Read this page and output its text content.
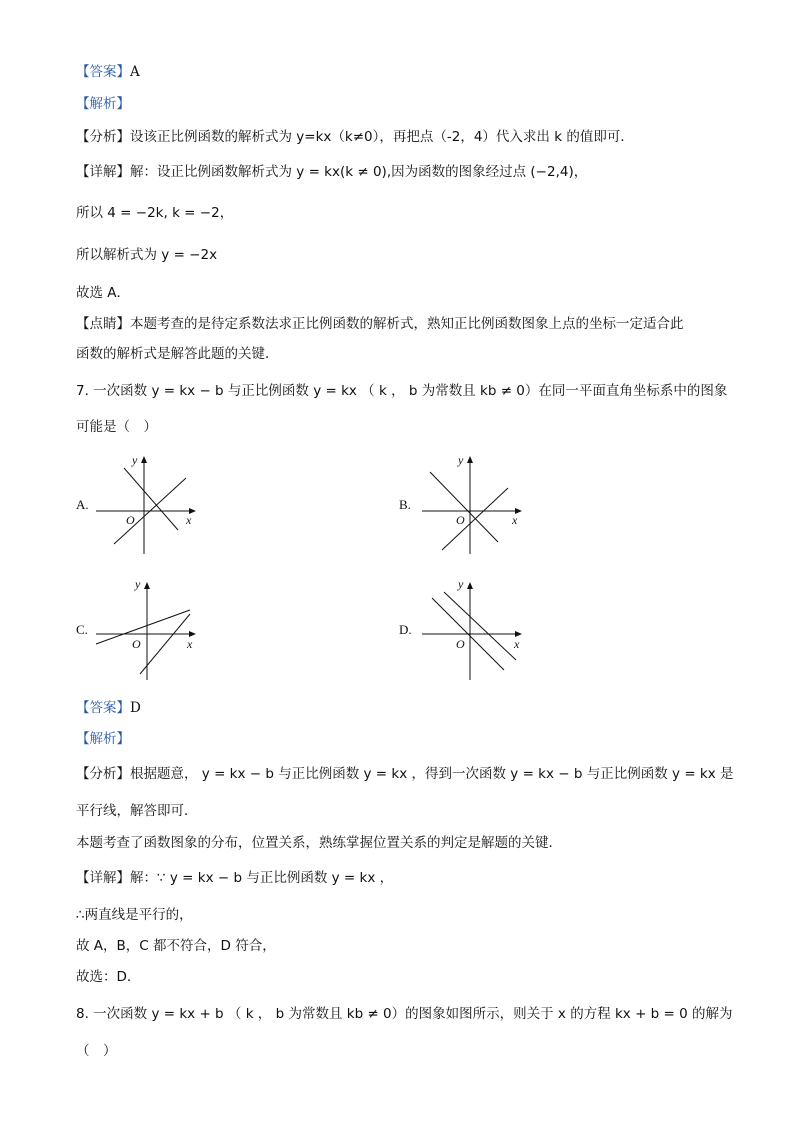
【答案】A
【解析】
【分析】设该正比例函数的解析式为 y=kx（k≠0），再把点（-2，4）代入求出 k 的值即可．
【详解】解：设正比例函数解析式为 y = kx(k ≠ 0),因为函数的图象经过点 (−2,4)，
所以 4 = −2k, k = −2，
所以解析式为 y = −2x
故选 A．
【点睛】本题考查的是待定系数法求正比例函数的解析式，熟知正比例函数图象上点的坐标一定适合此
函数的解析式是解答此题的关键．
7. 一次函数 y = kx − b 与正比例函数 y = kx （ k ， b 为常数且 kb ≠ 0）在同一平面直角坐标系中的图象
可能是（　）
A.
y
x
O
B.
y
x
O
C.
y
x
O
D.
y
x
O
【答案】D
【解析】
【分析】根据题意， y = kx − b 与正比例函数 y = kx ，得到一次函数 y = kx − b 与正比例函数 y = kx 是
平行线，解答即可．
本题考查了函数图象的分布，位置关系，熟练掌握位置关系的判定是解题的关键．
【详解】解：∵ y = kx − b 与正比例函数 y = kx ，
∴两直线是平行的，
故 A，B，C 都不符合，D 符合，
故选：D．
8. 一次函数 y = kx + b （ k ， b 为常数且 kb ≠ 0）的图象如图所示，则关于 x 的方程 kx + b = 0 的解为
（　）
